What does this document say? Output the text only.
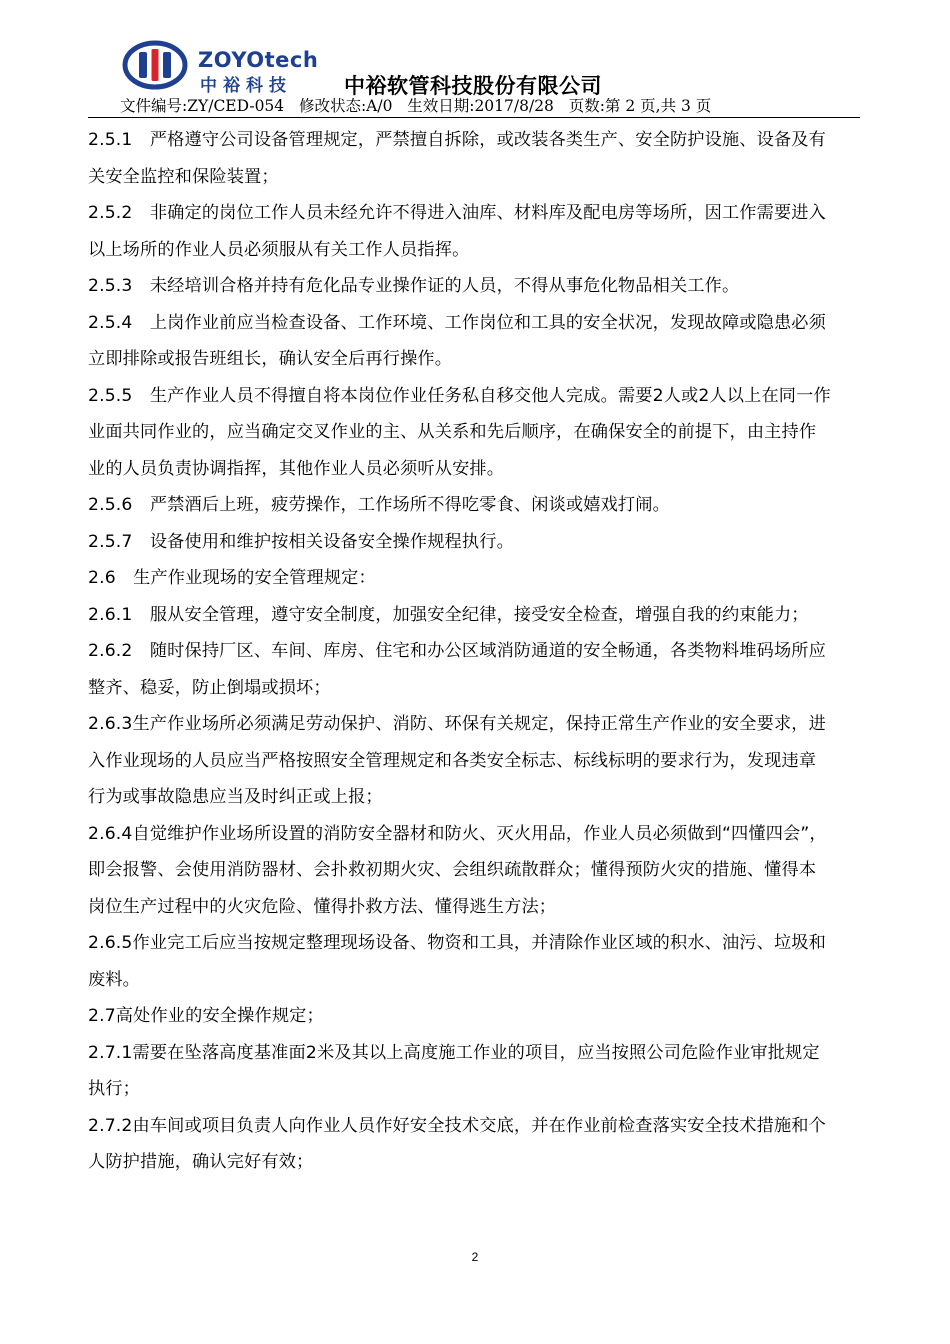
ZOYOtech
中裕科技 中裕软管科技股份有限公司
文件编号:ZY/CED-054   修改状态:A/0   生效日期:2017/8/28   页数:第 2 页,共 3 页

2.5.1　严格遵守公司设备管理规定，严禁擅自拆除，或改装各类生产、安全防护设施、设备及有关安全监控和保险装置；

2.5.2　非确定的岗位工作人员未经允许不得进入油库、材料库及配电房等场所，因工作需要进入以上场所的作业人员必须服从有关工作人员指挥。

2.5.3　未经培训合格并持有危化品专业操作证的人员，不得从事危化物品相关工作。

2.5.4　上岗作业前应当检查设备、工作环境、工作岗位和工具的安全状况，发现故障或隐患必须立即排除或报告班组长，确认安全后再行操作。

2.5.5　生产作业人员不得擅自将本岗位作业任务私自移交他人完成。需要2人或2人以上在同一作业面共同作业的，应当确定交叉作业的主、从关系和先后顺序，在确保安全的前提下，由主持作业的人员负责协调指挥，其他作业人员必须听从安排。

2.5.6　严禁酒后上班，疲劳操作，工作场所不得吃零食、闲谈或嬉戏打闹。

2.5.7　设备使用和维护按相关设备安全操作规程执行。

2.6　生产作业现场的安全管理规定：

2.6.1　服从安全管理，遵守安全制度，加强安全纪律，接受安全检查，增强自我的约束能力；

2.6.2　随时保持厂区、车间、库房、住宅和办公区域消防通道的安全畅通，各类物料堆码场所应整齐、稳妥，防止倒塌或损坏；

2.6.3生产作业场所必须满足劳动保护、消防、环保有关规定，保持正常生产作业的安全要求，进入作业现场的人员应当严格按照安全管理规定和各类安全标志、标线标明的要求行为，发现违章行为或事故隐患应当及时纠正或上报；

2.6.4自觉维护作业场所设置的消防安全器材和防火、灭火用品，作业人员必须做到“四懂四会”，即会报警、会使用消防器材、会扑救初期火灾、会组织疏散群众；懂得预防火灾的措施、懂得本岗位生产过程中的火灾危险、懂得扑救方法、懂得逃生方法；

2.6.5作业完工后应当按规定整理现场设备、物资和工具，并清除作业区域的积水、油污、垃圾和废料。

2.7高处作业的安全操作规定；

2.7.1需要在坠落高度基准面2米及其以上高度施工作业的项目，应当按照公司危险作业审批规定执行；

2.7.2由车间或项目负责人向作业人员作好安全技术交底，并在作业前检查落实安全技术措施和个人防护措施，确认完好有效；

2
